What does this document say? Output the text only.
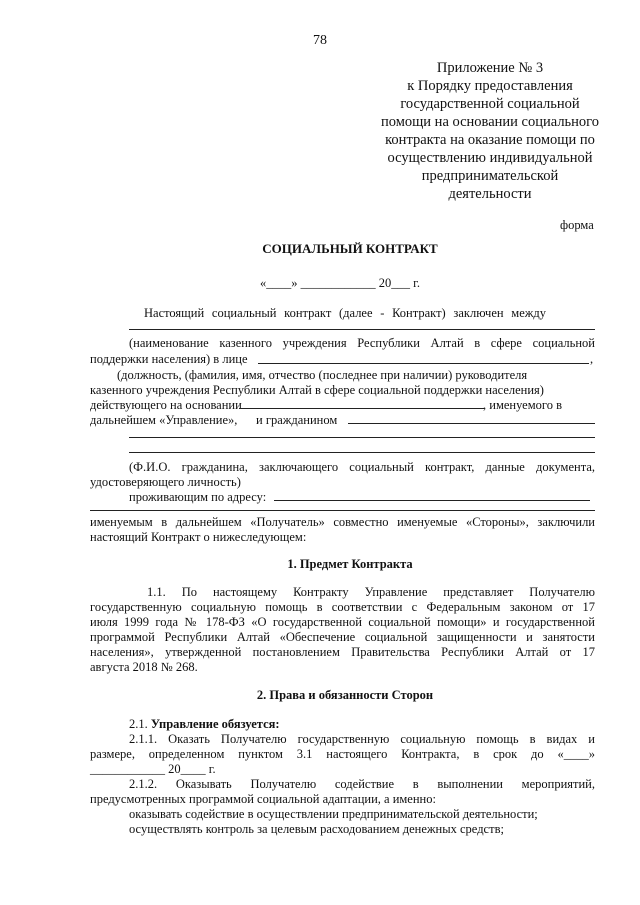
78
Приложение № 3
к Порядку предоставления
государственной социальной
помощи на основании социального
контракта на оказание помощи по
осуществлению индивидуальной
предпринимательской
деятельности
форма
СОЦИАЛЬНЫЙ КОНТРАКТ
«____» ____________ 20___ г.
Настоящий социальный контракт (далее - Контракт) заключен между
(наименование казенного учреждения Республики Алтай в сфере социальной
поддержки населения) в лице	,
(должность, (фамилия, имя, отчество (последнее при наличии) руководителя
казенного учреждения Республики Алтай в сфере социальной поддержки населения)
действующего на основании	, именуемого в
дальнейшем «Управление», и гражданином
(Ф.И.О. гражданина, заключающего социальный контракт, данные документа,
удостоверяющего личность)
проживающим по адресу:
именуемым в дальнейшем «Получатель» совместно именуемые «Стороны», заключили
настоящий Контракт о нижеследующем:
1. Предмет Контракта
1.1. По настоящему Контракту Управление представляет Получателю
государственную социальную помощь в соответствии с Федеральным законом от 17
июля 1999 года № 178-ФЗ «О государственной социальной помощи» и государственной
программой Республики Алтай «Обеспечение социальной защищенности и занятости
населения», утвержденной постановлением Правительства Республики Алтай от 17
августа 2018 № 268.
2. Права и обязанности Сторон
2.1. Управление обязуется:
2.1.1. Оказать Получателю государственную социальную помощь в видах и
размере, определенном пунктом 3.1 настоящего Контракта, в срок до «____»
____________ 20____ г.
2.1.2. Оказывать Получателю содействие в выполнении мероприятий,
предусмотренных программой социальной адаптации, а именно:
оказывать содействие в осуществлении предпринимательской деятельности;
осуществлять контроль за целевым расходованием денежных средств;
